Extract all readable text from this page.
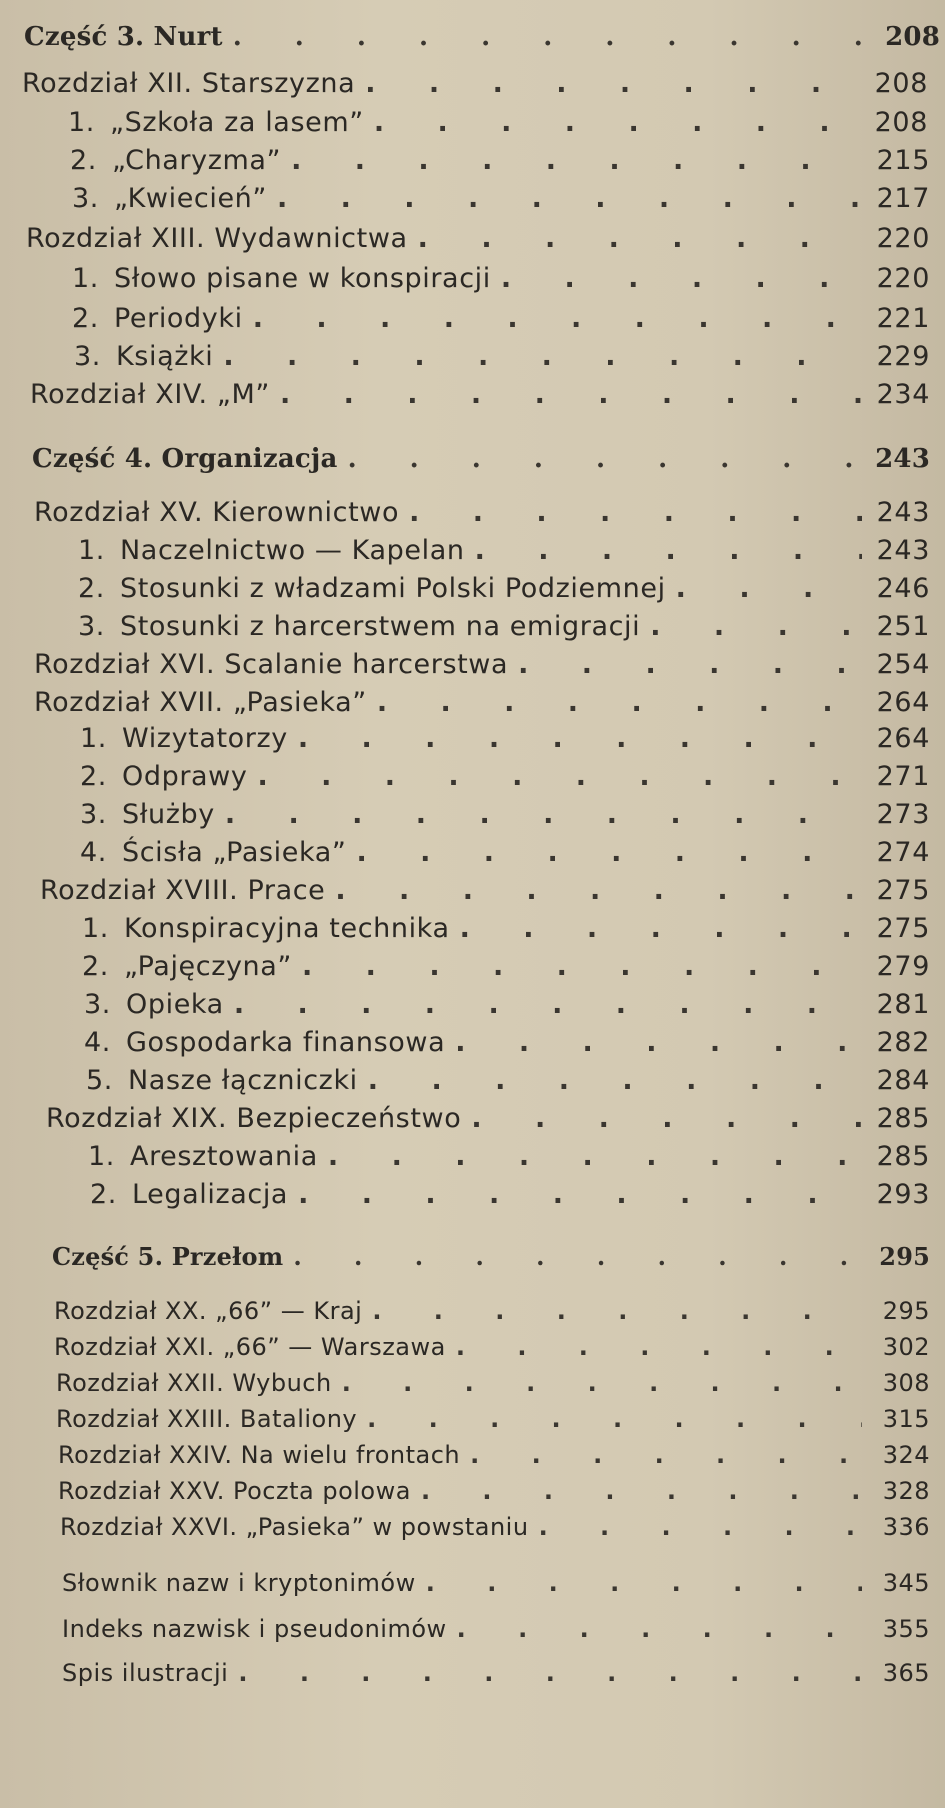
Część 3. Nurt . . .	208
Rozdział XII. Starszyzna . . .	208
1. „Szkoła za lasem” . . .	208
2. „Charyzma” . . .	215
3. „Kwiecień” . . .	217
Rozdział XIII. Wydawnictwa . . .	220
1. Słowo pisane w konspiracji . . .	220
2. Periodyki . . .	221
3. Książki . . .	229
Rozdział XIV. „M” . . .	234
Część 4. Organizacja . . .	243
Rozdział XV. Kierownictwo . . .	243
1. Naczelnictwo — Kapelan . . .	243
2. Stosunki z władzami Polski Podziemnej . . .	246
3. Stosunki z harcerstwem na emigracji . . .	251
Rozdział XVI. Scalanie harcerstwa . . .	254
Rozdział XVII. „Pasieka” . . .	264
1. Wizytatorzy . . .	264
2. Odprawy . . .	271
3. Służby . . .	273
4. Ścisła „Pasieka” . . .	274
Rozdział XVIII. Prace . . .	275
1. Konspiracyjna technika . . .	275
2. „Pajęczyna” . . .	279
3. Opieka . . .	281
4. Gospodarka finansowa . . .	282
5. Nasze łączniczki . . .	284
Rozdział XIX. Bezpieczeństwo . . .	285
1. Aresztowania . . .	285
2. Legalizacja . . .	293
Część 5. Przełom . . .	295
Rozdział XX. „66” — Kraj . . .	295
Rozdział XXI. „66” — Warszawa . . .	302
Rozdział XXII. Wybuch . . .	308
Rozdział XXIII. Bataliony . . .	315
Rozdział XXIV. Na wielu frontach . . .	324
Rozdział XXV. Poczta polowa . . .	328
Rozdział XXVI. „Pasieka” w powstaniu . . .	336
Słownik nazw i kryptonimów . . .	345
Indeks nazwisk i pseudonimów . . .	355
Spis ilustracji . . .	365
